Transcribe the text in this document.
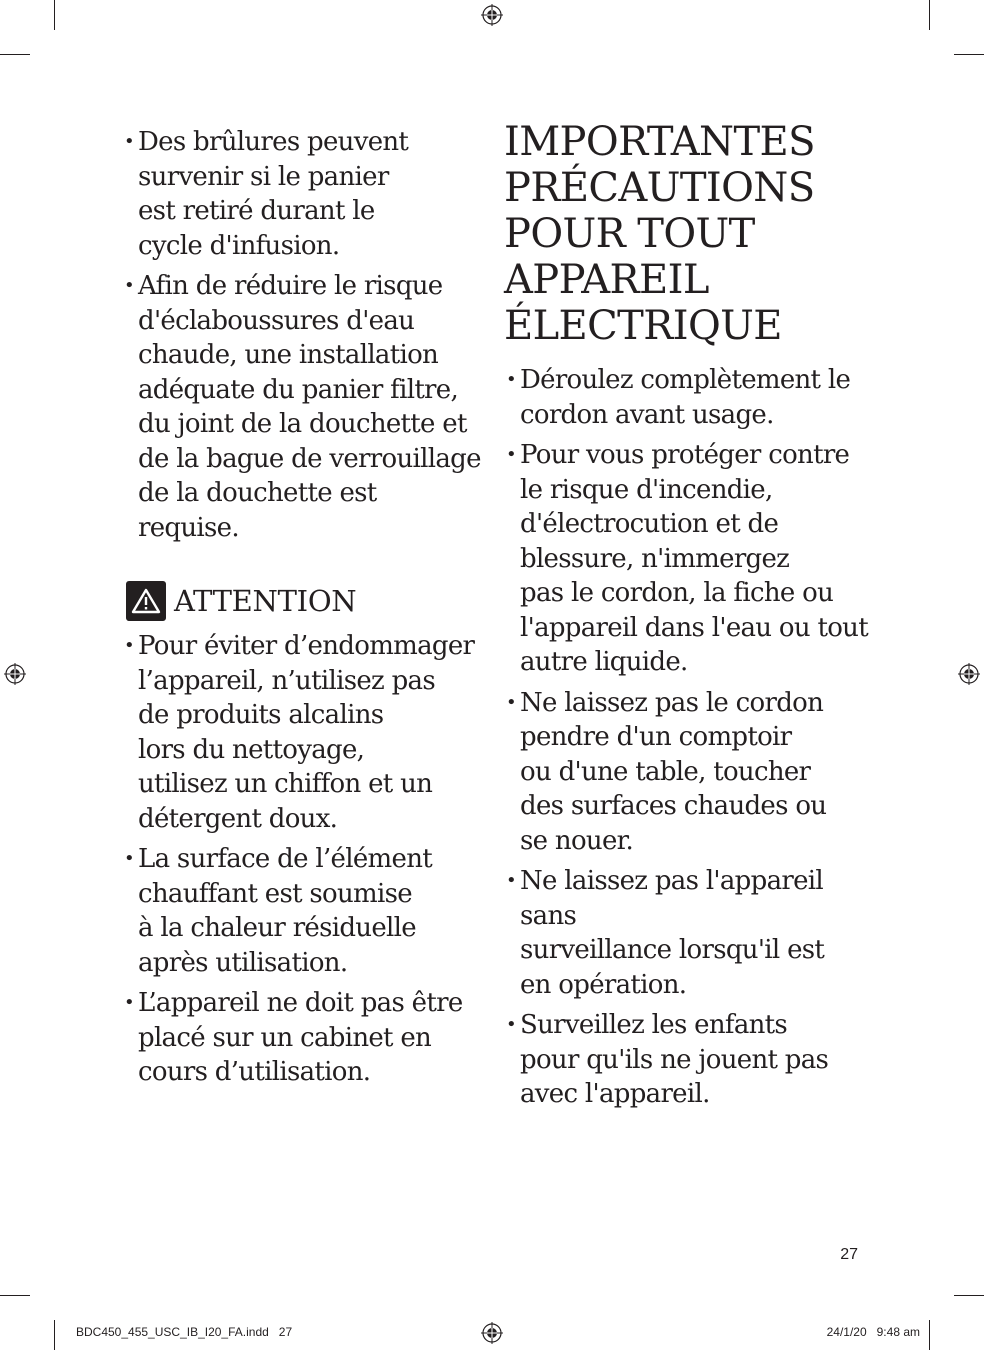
• Des brûlures peuvent
survenir si le panier
est retiré durant le
cycle d'infusion.
• Afin de réduire le risque
d'éclaboussures d'eau
chaude, une installation
adéquate du panier filtre,
du joint de la douchette et
de la bague de verrouillage
de la douchette est requise.
ATTENTION
• Pour éviter d’endommager
l’appareil, n’utilisez pas
de produits alcalins
lors du nettoyage,
utilisez un chiffon et un
détergent doux.
• La surface de l’élément
chauffant est soumise
à la chaleur résiduelle
après utilisation.
• L’appareil ne doit pas être
placé sur un cabinet en
cours d’utilisation.
IMPORTANTES
PRÉCAUTIONS
POUR TOUT
APPAREIL
ÉLECTRIQUE
• Déroulez complètement le
cordon avant usage.
• Pour vous protéger contre
le risque d'incendie,
d'électrocution et de
blessure, n'immergez
pas le cordon, la fiche ou
l'appareil dans l'eau ou tout
autre liquide.
• Ne laissez pas le cordon
pendre d'un comptoir
ou d'une table, toucher
des surfaces chaudes ou
se nouer.
• Ne laissez pas l'appareil sans
surveillance lorsqu'il est
en opération.
• Surveillez les enfants
pour qu'ils ne jouent pas
avec l'appareil.
27
BDC450_455_USC_IB_I20_FA.indd   27	24/1/20   9:48 am
